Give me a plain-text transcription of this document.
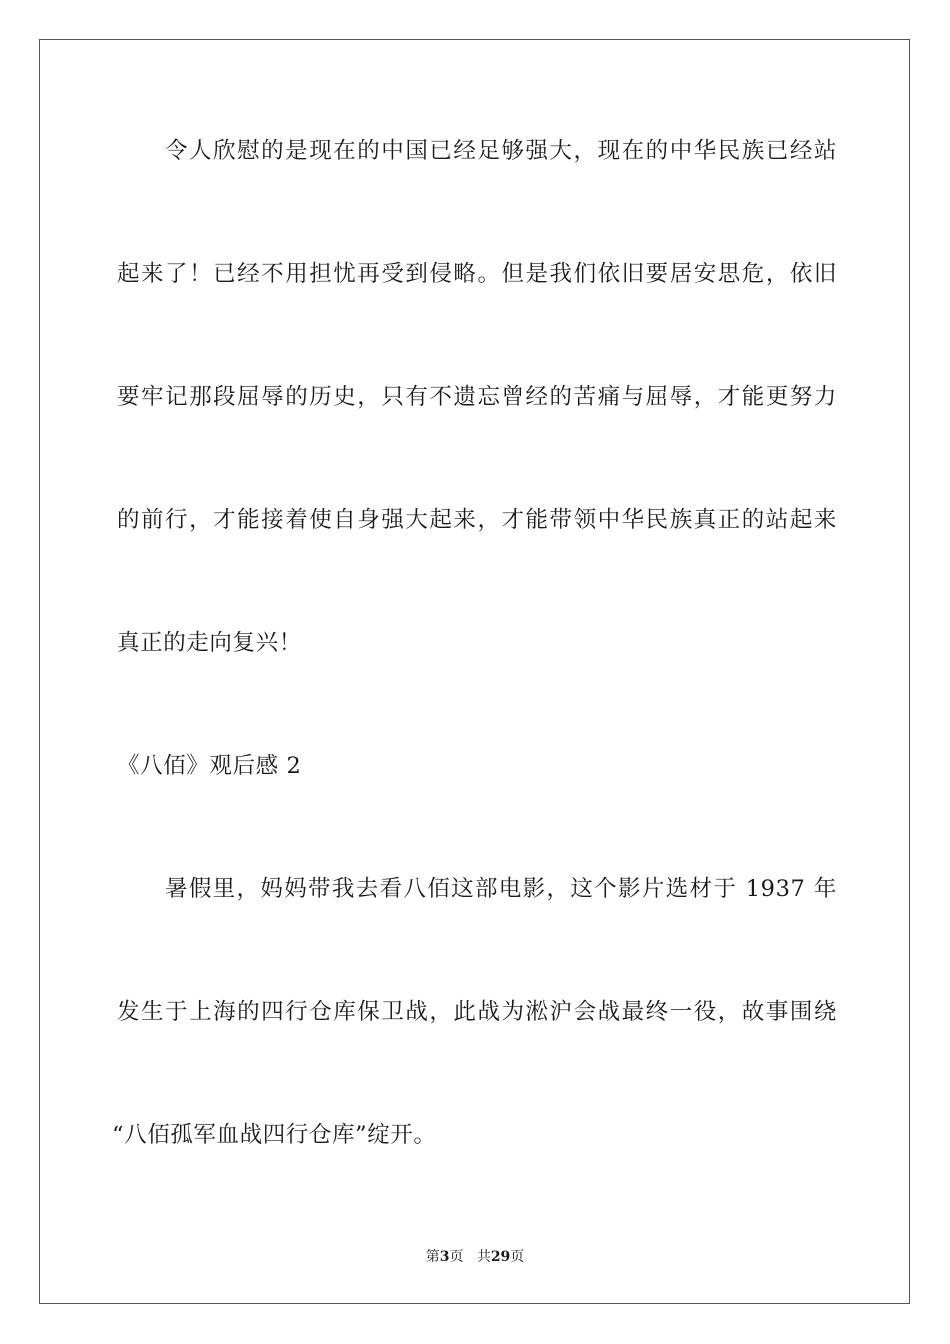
令人欣慰的是现在的中国已经足够强大，现在的中华民族已经站
起来了！已经不用担忧再受到侵略。但是我们依旧要居安思危，依旧
要牢记那段屈辱的历史，只有不遗忘曾经的苦痛与屈辱，才能更努力
的前行，才能接着使自身强大起来，才能带领中华民族真正的站起来
真正的走向复兴！
《八佰》观后感 2
暑假里，妈妈带我去看八佰这部电影，这个影片选材于 1937 年
发生于上海的四行仓库保卫战，此战为淞沪会战最终一役，故事围绕
“八佰孤军血战四行仓库”绽开。
第3页 共29页
